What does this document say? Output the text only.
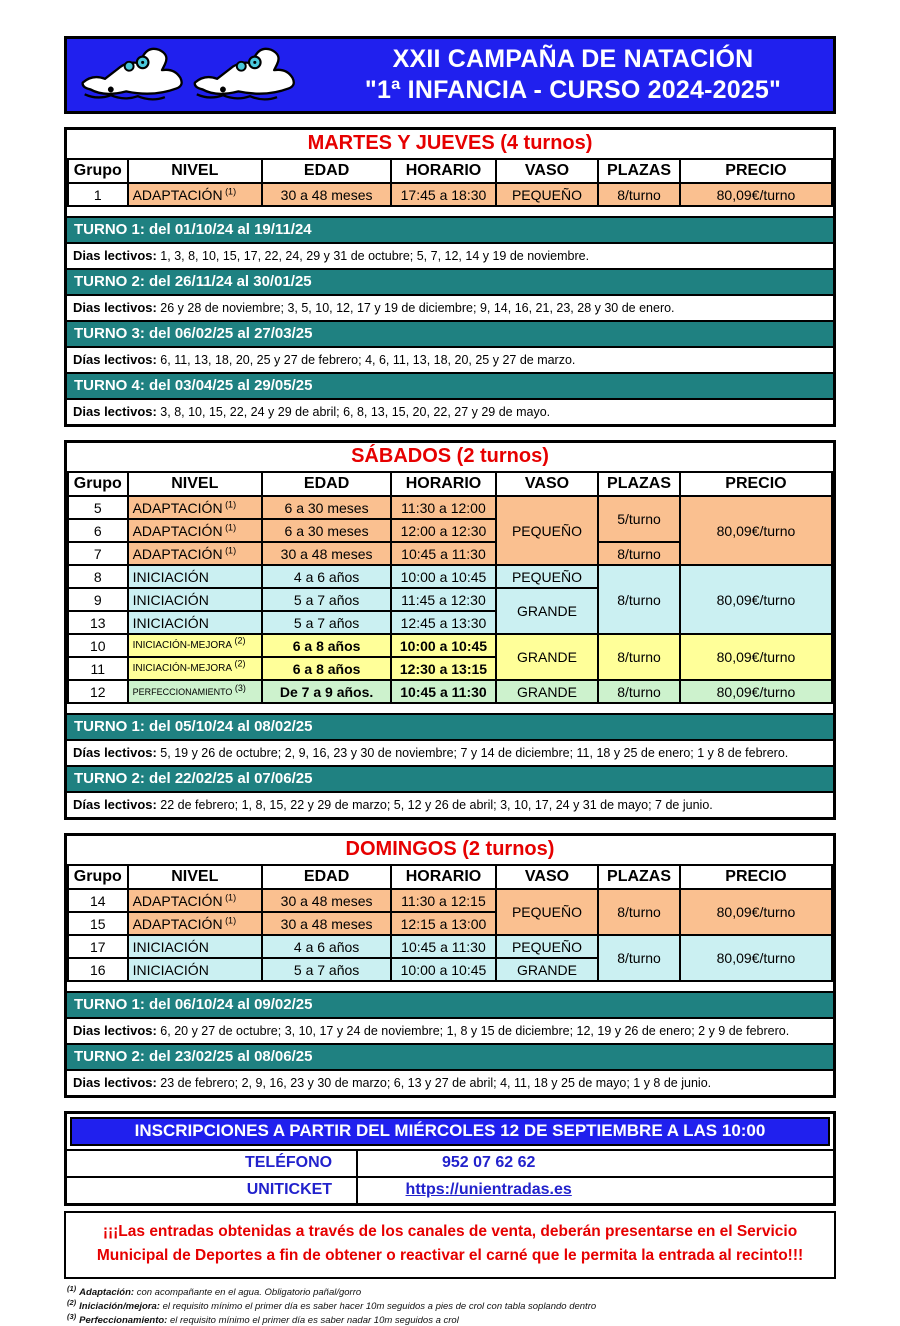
XXII CAMPAÑA DE NATACIÓN
"1ª INFANCIA - CURSO 2024-2025"
MARTES Y JUEVES (4 turnos)
Grupo	NIVEL	EDAD	HORARIO	VASO	PLAZAS	PRECIO
1	ADAPTACIÓN $^{(1)}$	30 a 48 meses	17:45 a 18:30	PEQUEÑO	8/turno	80,09€/turno
TURNO 1: del 01/10/24 al 19/11/24
Dias lectivos: 1, 3, 8, 10, 15, 17, 22, 24, 29 y 31 de octubre; 5, 7, 12, 14 y 19 de noviembre.
TURNO 2: del 26/11/24 al 30/01/25
Dias lectivos: 26 y 28 de noviembre; 3, 5, 10, 12, 17 y 19 de diciembre; 9, 14, 16, 21, 23, 28 y 30 de enero.
TURNO 3: del 06/02/25 al 27/03/25
Días lectivos: 6, 11, 13, 18, 20, 25 y 27 de febrero; 4, 6, 11, 13, 18, 20, 25 y 27 de marzo.
TURNO 4: del 03/04/25 al 29/05/25
Dias lectivos: 3, 8, 10, 15, 22, 24 y 29 de abril; 6, 8, 13, 15, 20, 22, 27 y 29 de mayo.
SÁBADOS (2 turnos)
Grupo	NIVEL	EDAD	HORARIO	VASO	PLAZAS	PRECIO
5	ADAPTACIÓN $^{(1)}$	6 a 30 meses	11:30 a 12:00	PEQUEÑO	5/turno	80,09€/turno
6	ADAPTACIÓN $^{(1)}$	6 a 30 meses	12:00 a 12:30			
7	ADAPTACIÓN $^{(1)}$	30 a 48 meses	10:45 a 11:30		8/turno	
8	INICIACIÓN	4 a 6 años	10:00 a 10:45	PEQUEÑO	8/turno	80,09€/turno
9	INICIACIÓN	5 a 7 años	11:45 a 12:30	GRANDE		
13	INICIACIÓN	5 a 7 años	12:45 a 13:30			
10	INICIACIÓN-MEJORA $^{(2)}$	6 a 8 años	10:00 a 10:45	GRANDE	8/turno	80,09€/turno
11	INICIACIÓN-MEJORA $^{(2)}$	6 a 8 años	12:30 a 13:15			
12	PERFECCIONAMIENTO $^{(3)}$	De 7 a 9 años.	10:45 a 11:30	GRANDE	8/turno	80,09€/turno
TURNO 1: del 05/10/24 al 08/02/25
Días lectivos: 5, 19 y 26 de octubre; 2, 9, 16, 23 y 30 de noviembre; 7 y 14 de diciembre; 11, 18 y 25 de enero; 1 y 8 de febrero.
TURNO 2: del 22/02/25 al 07/06/25
Días lectivos: 22 de febrero; 1, 8, 15, 22 y 29 de marzo; 5, 12 y 26 de abril; 3, 10, 17, 24 y 31 de mayo; 7 de junio.
DOMINGOS (2 turnos)
Grupo	NIVEL	EDAD	HORARIO	VASO	PLAZAS	PRECIO
14	ADAPTACIÓN $^{(1)}$	30 a 48 meses	11:30 a 12:15	PEQUEÑO	8/turno	80,09€/turno
15	ADAPTACIÓN $^{(1)}$	30 a 48 meses	12:15 a 13:00			
17	INICIACIÓN	4 a 6 años	10:45 a 11:30	PEQUEÑO	8/turno	80,09€/turno
16	INICIACIÓN	5 a 7 años	10:00 a 10:45	GRANDE		
TURNO 1: del 06/10/24 al 09/02/25
Dias lectivos: 6, 20 y 27 de octubre; 3, 10, 17 y 24 de noviembre; 1, 8 y 15 de diciembre; 12, 19 y 26 de enero; 2 y 9 de febrero.
TURNO 2: del 23/02/25 al 08/06/25
Dias lectivos: 23 de febrero; 2, 9, 16, 23 y 30 de marzo; 6, 13 y 27 de abril; 4, 11, 18 y 25 de mayo; 1 y 8 de junio.
INSCRIPCIONES A PARTIR DEL MIÉRCOLES 12 DE SEPTIEMBRE A LAS 10:00
TELÉFONO	952 07 62 62
UNITICKET	https://unientradas.es
¡¡¡Las entradas obtenidas a través de los canales de venta, deberán presentarse en el Servicio Municipal de Deportes a fin de obtener o reactivar el carné que le permita la entrada al recinto!!!
$^{(1)}$ Adaptación: con acompañante en el agua. Obligatorio pañal/gorro
$^{(2)}$ Iniciación/mejora: el requisito mínimo el primer día es saber hacer 10m seguidos a pies de crol con tabla soplando dentro
$^{(3)}$ Perfeccionamiento: el requisito mínimo el primer día es saber nadar 10m seguidos a crol
